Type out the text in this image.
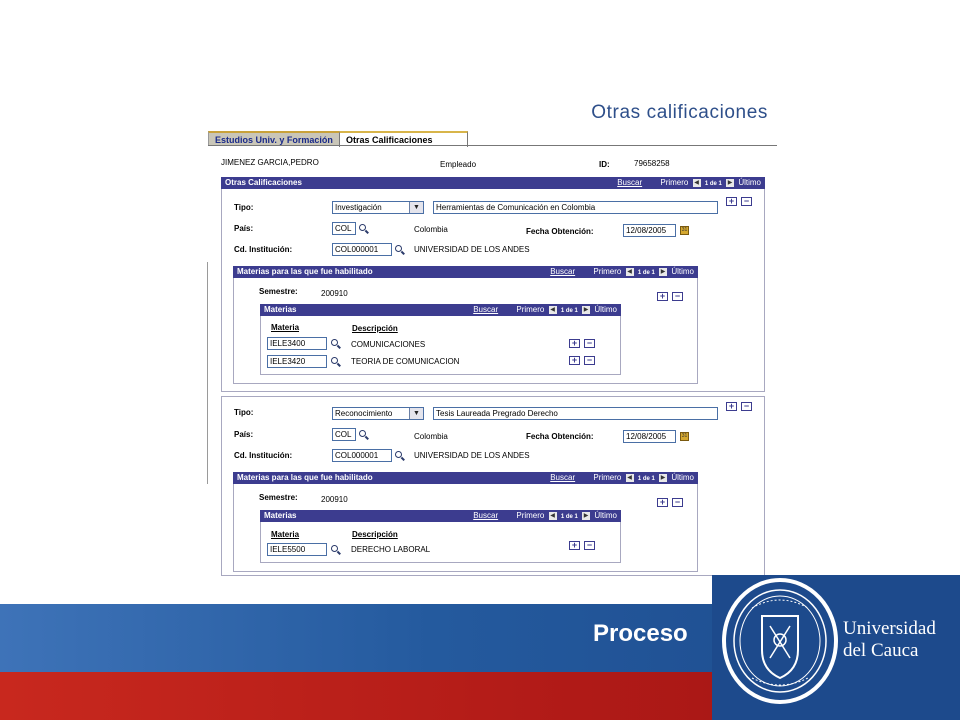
Otras calificaciones
Estudios Univ. y Formación	Otras Calificaciones
JIMENEZ GARCIA,PEDRO	Empleado	ID:	79658258
Otras Calificaciones	Buscar Primero ◀ 1 de 1 ▶ Último
Tipo:	Investigación	▼	Herramientas de Comunicación en Colombia
+	−
País:	COL	Colombia	Fecha Obtención:	12/08/2005	31
Cd. Institución:	COL000001	UNIVERSIDAD DE LOS ANDES
Materias para las que fue habilitado	Buscar Primero ◀ 1 de 1 ▶ Último
Semestre:	200910	+	−
Materias	Buscar Primero ◀ 1 de 1 ▶ Último
Materia	Descripción
IELE3400	COMUNICACIONES	+	−
IELE3420	TEORIA DE COMUNICACION	+	−
Tipo:	Reconocimiento	▼	Tesis Laureada Pregrado Derecho
+	−
País:	COL	Colombia	Fecha Obtención:	12/08/2005	31
Cd. Institución:	COL000001	UNIVERSIDAD DE LOS ANDES
Materias para las que fue habilitado	Buscar Primero ◀ 1 de 1 ▶ Último
Semestre:	200910	+	−
Materias	Buscar Primero ◀ 1 de 1 ▶ Último
Materia	Descripción
IELE5500	DERECHO LABORAL	+	−
Proceso	Universidad
del Cauca
